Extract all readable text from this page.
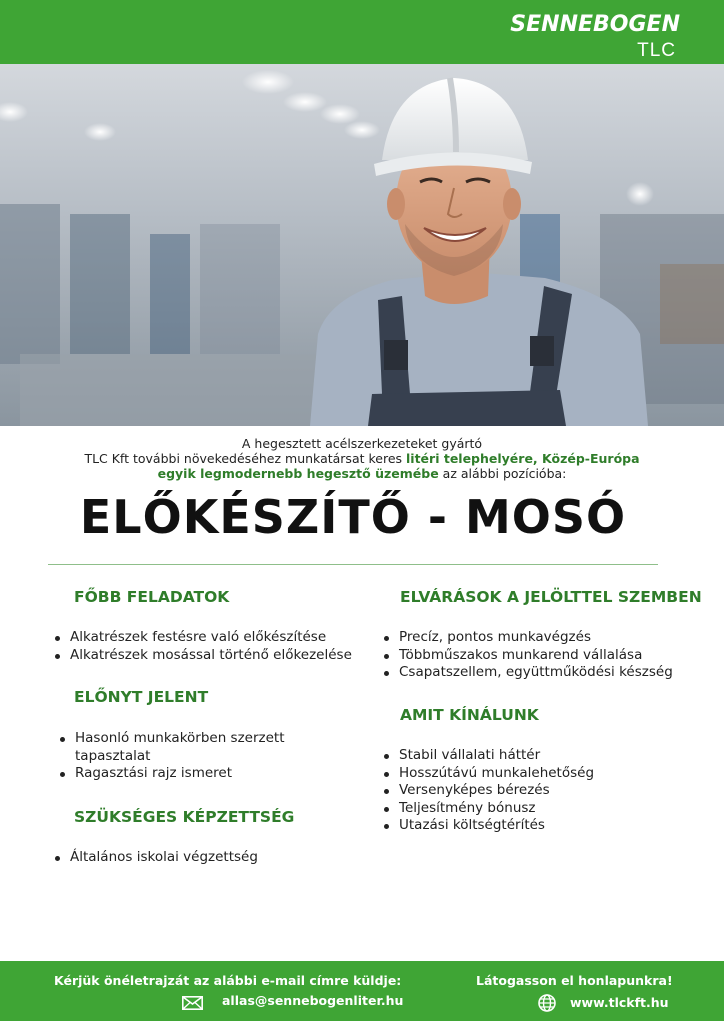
SENNEBOGEN
TLC
A hegesztett acélszerkezeteket gyártó
TLC Kft további növekedéséhez munkatársat keres litéri telephelyére, Közép-Európa
egyik legmodernebb hegesztő üzemébe az alábbi pozícióba:
ELŐKÉSZÍTŐ - MOSÓ
FŐBB FELADATOK
Alkatrészek festésre való előkészítése
Alkatrészek mosással történő előkezelése
ELŐNYT JELENT
Hasonló munkakörben szerzett tapasztalat
Ragasztási rajz ismeret
SZÜKSÉGES KÉPZETTSÉG
Általános iskolai végzettség
ELVÁRÁSOK A JELÖLTTEL SZEMBEN
Precíz, pontos munkavégzés
Többműszakos munkarend vállalása
Csapatszellem, együttműködési készség
AMIT KÍNÁLUNK
Stabil vállalati háttér
Hosszútávú munkalehetőség
Versenyképes bérezés
Teljesítmény bónusz
Utazási költségtérítés
Kérjük önéletrajzát az alábbi e-mail címre küldje:	Látogasson el honlapunkra!
allas@sennebogenliter.hu	www.tlckft.hu
